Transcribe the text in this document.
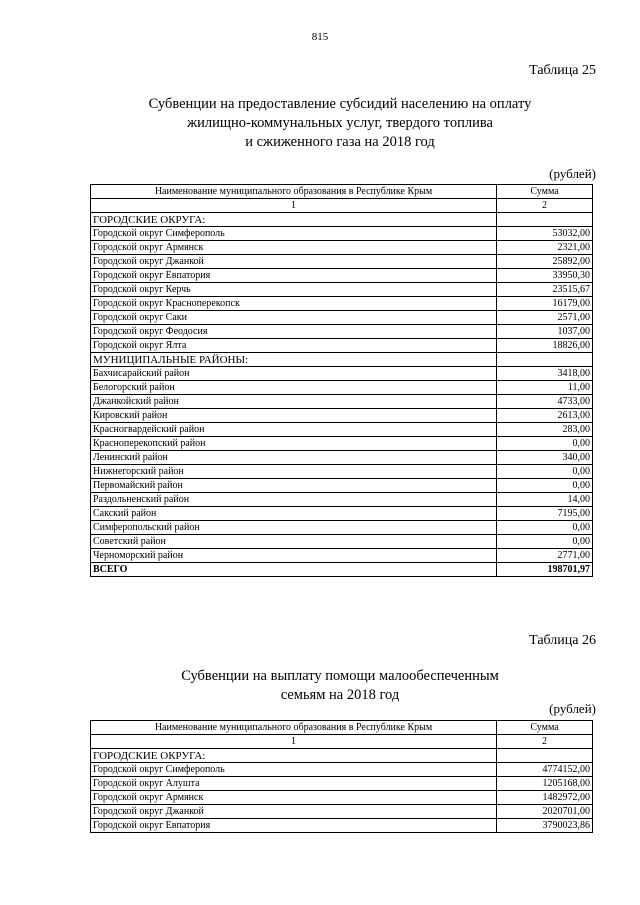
815
Таблица 25
Субвенции на предоставление субсидий населению на оплату
жилищно-коммунальных услуг, твердого топлива
и сжиженного газа на 2018 год
(рублей)
Наименование муниципального образования в Республике Крым	Сумма
1	2
ГОРОДСКИЕ ОКРУГА:	
Городской округ Симферополь	53032,00
Городской округ Армянск	2321,00
Городской округ Джанкой	25892,00
Городской округ Евпатория	33950,30
Городской округ Керчь	23515,67
Городской округ Красноперекопск	16179,00
Городской округ Саки	2571,00
Городской округ Феодосия	1037,00
Городской округ Ялта	18826,00
МУНИЦИПАЛЬНЫЕ РАЙОНЫ:	
Бахчисарайский район	3418,00
Белогорский район	11,00
Джанкойский район	4733,00
Кировский район	2613,00
Красногвардейский район	283,00
Красноперекопский район	0,00
Ленинский район	340,00
Нижнегорский район	0,00
Первомайский район	0,00
Раздольненский район	14,00
Сакский район	7195,00
Симферопольский район	0,00
Советский район	0,00
Черноморский район	2771,00
ВСЕГО	198701,97
Таблица 26
Субвенции на выплату помощи малообеспеченным
семьям на 2018 год
(рублей)
Наименование муниципального образования в Республике Крым	Сумма
1	2
ГОРОДСКИЕ ОКРУГА:	
Городской округ Симферополь	4774152,00
Городской округ Алушта	1205168,00
Городской округ Армянск	1482972,00
Городской округ Джанкой	2020701,00
Городской округ Евпатория	3790023,86
